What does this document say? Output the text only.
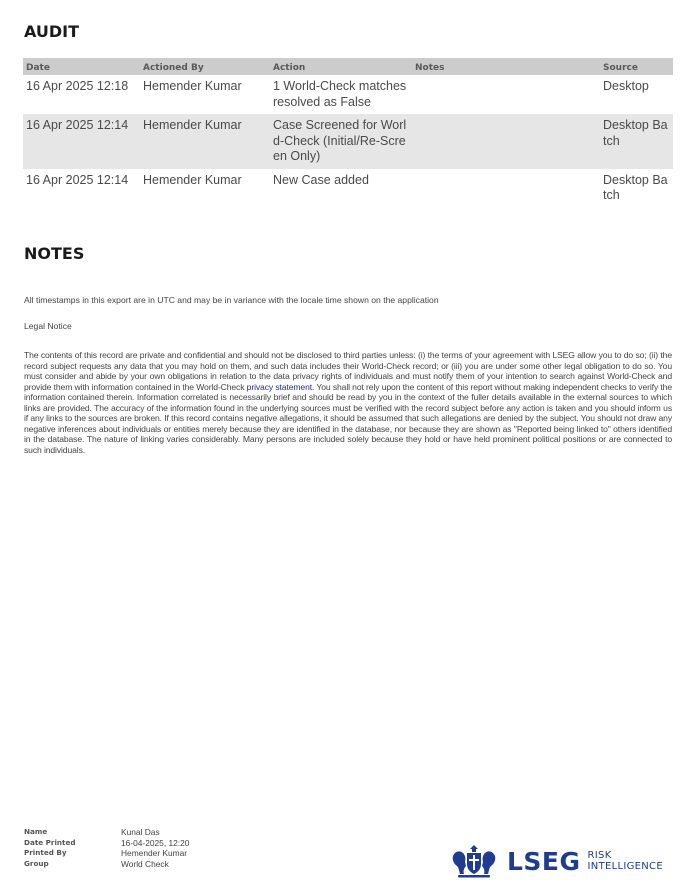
AUDIT
Date	Actioned By	Action	Notes	Source
16 Apr 2025 12:18	Hemender Kumar	1 World-Check matches resolved as False		Desktop
16 Apr 2025 12:14	Hemender Kumar	Case Screened for World-Check (Initial/Re-Screen Only)		Desktop Batch
16 Apr 2025 12:14	Hemender Kumar	New Case added		Desktop Batch
NOTES
All timestamps in this export are in UTC and may be in variance with the locale time shown on the application
Legal Notice
The contents of this record are private and confidential and should not be disclosed to third parties unless: (i) the terms of your agreement with LSEG allow you to do so; (ii) the record subject requests any data that you may hold on them, and such data includes their World-Check record; or (iii) you are under some other legal obligation to do so. You must consider and abide by your own obligations in relation to the data privacy rights of individuals and must notify them of your intention to search against World-Check and provide them with information contained in the World-Check privacy statement. You shall not rely upon the content of this report without making independent checks to verify the information contained therein. Information correlated is necessarily brief and should be read by you in the context of the fuller details available in the external sources to which links are provided. The accuracy of the information found in the underlying sources must be verified with the record subject before any action is taken and you should inform us if any links to the sources are broken. If this record contains negative allegations, it should be assumed that such allegations are denied by the subject. You should not draw any negative inferences about individuals or entities merely because they are identified in the database, nor because they are shown as "Reported being linked to" others identified in the database. The nature of linking varies considerably. Many persons are included solely because they hold or have held prominent political positions or are connected to such individuals.
Name	Kunal Das
Date Printed	16-04-2025, 12:20
Printed By	Hemender Kumar
Group	World Check	LSEG RISK
INTELLIGENCE
